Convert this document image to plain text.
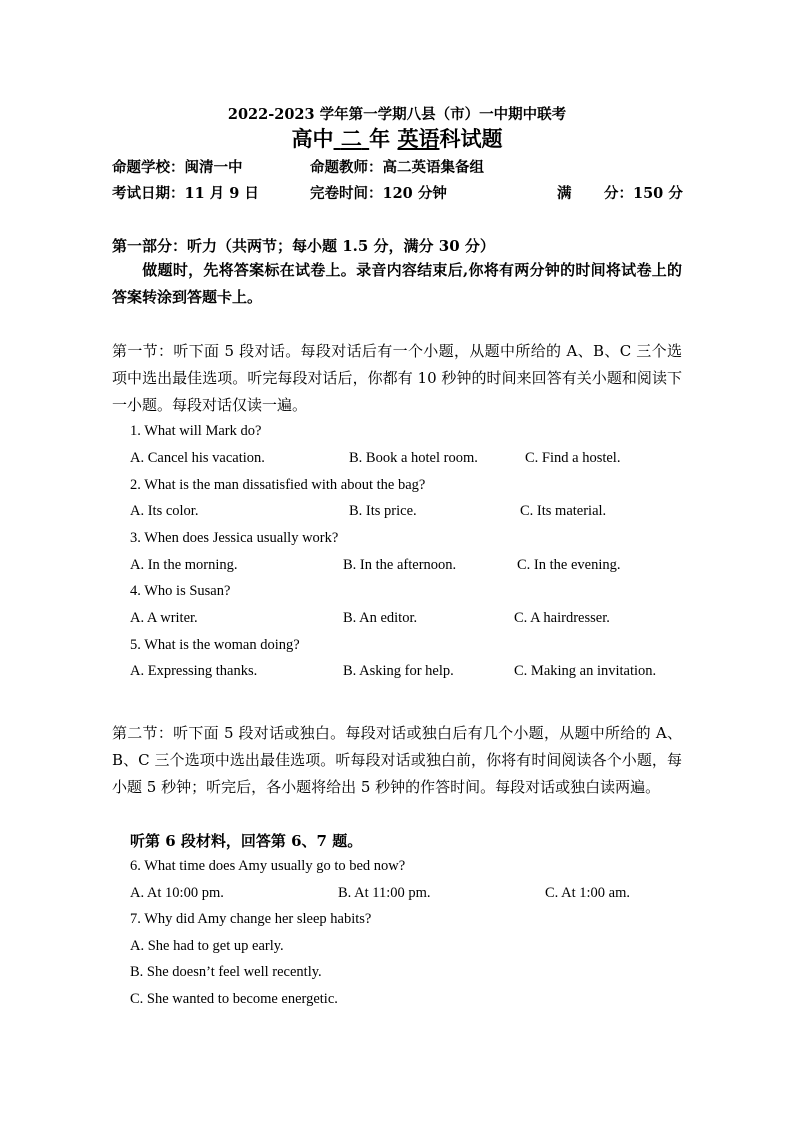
2022-2023 学年第一学期八县（市）一中期中联考
高中 二 年 英语科试题
命题学校：闽清一中	命题教师：高二英语集备组
考试日期：11 月 9 日	完卷时间：120 分钟	满 分：150 分
第一部分：听力（共两节；每小题 1.5 分，满分 30 分）
做题时，先将答案标在试卷上。录音内容结束后,你将有两分钟的时间将试卷上的答案转涂到答题卡上。
第一节：听下面 5 段对话。每段对话后有一个小题，从题中所给的 A、B、C 三个选项中选出最佳选项。听完每段对话后，你都有 10 秒钟的时间来回答有关小题和阅读下一小题。每段对话仅读一遍。
1. What will Mark do?
A. Cancel his vacation.	B. Book a hotel room.	C. Find a hostel.
2. What is the man dissatisfied with about the bag?
A. Its color.	B. Its price.	C. Its material.
3. When does Jessica usually work?
A. In the morning.	B. In the afternoon.	C. In the evening.
4. Who is Susan?
A. A writer.	B. An editor.	C. A hairdresser.
5. What is the woman doing?
A. Expressing thanks.	B. Asking for help.	C. Making an invitation.
第二节：听下面 5 段对话或独白。每段对话或独白后有几个小题，从题中所给的 A、B、C 三个选项中选出最佳选项。听每段对话或独白前，你将有时间阅读各个小题，每小题 5 秒钟；听完后，各小题将给出 5 秒钟的作答时间。每段对话或独白读两遍。
听第 6 段材料，回答第 6、7 题。
6. What time does Amy usually go to bed now?
A. At 10:00 pm.	B. At 11:00 pm.	C. At 1:00 am.
7. Why did Amy change her sleep habits?
A. She had to get up early.
B. She doesn’t feel well recently.
C. She wanted to become energetic.
